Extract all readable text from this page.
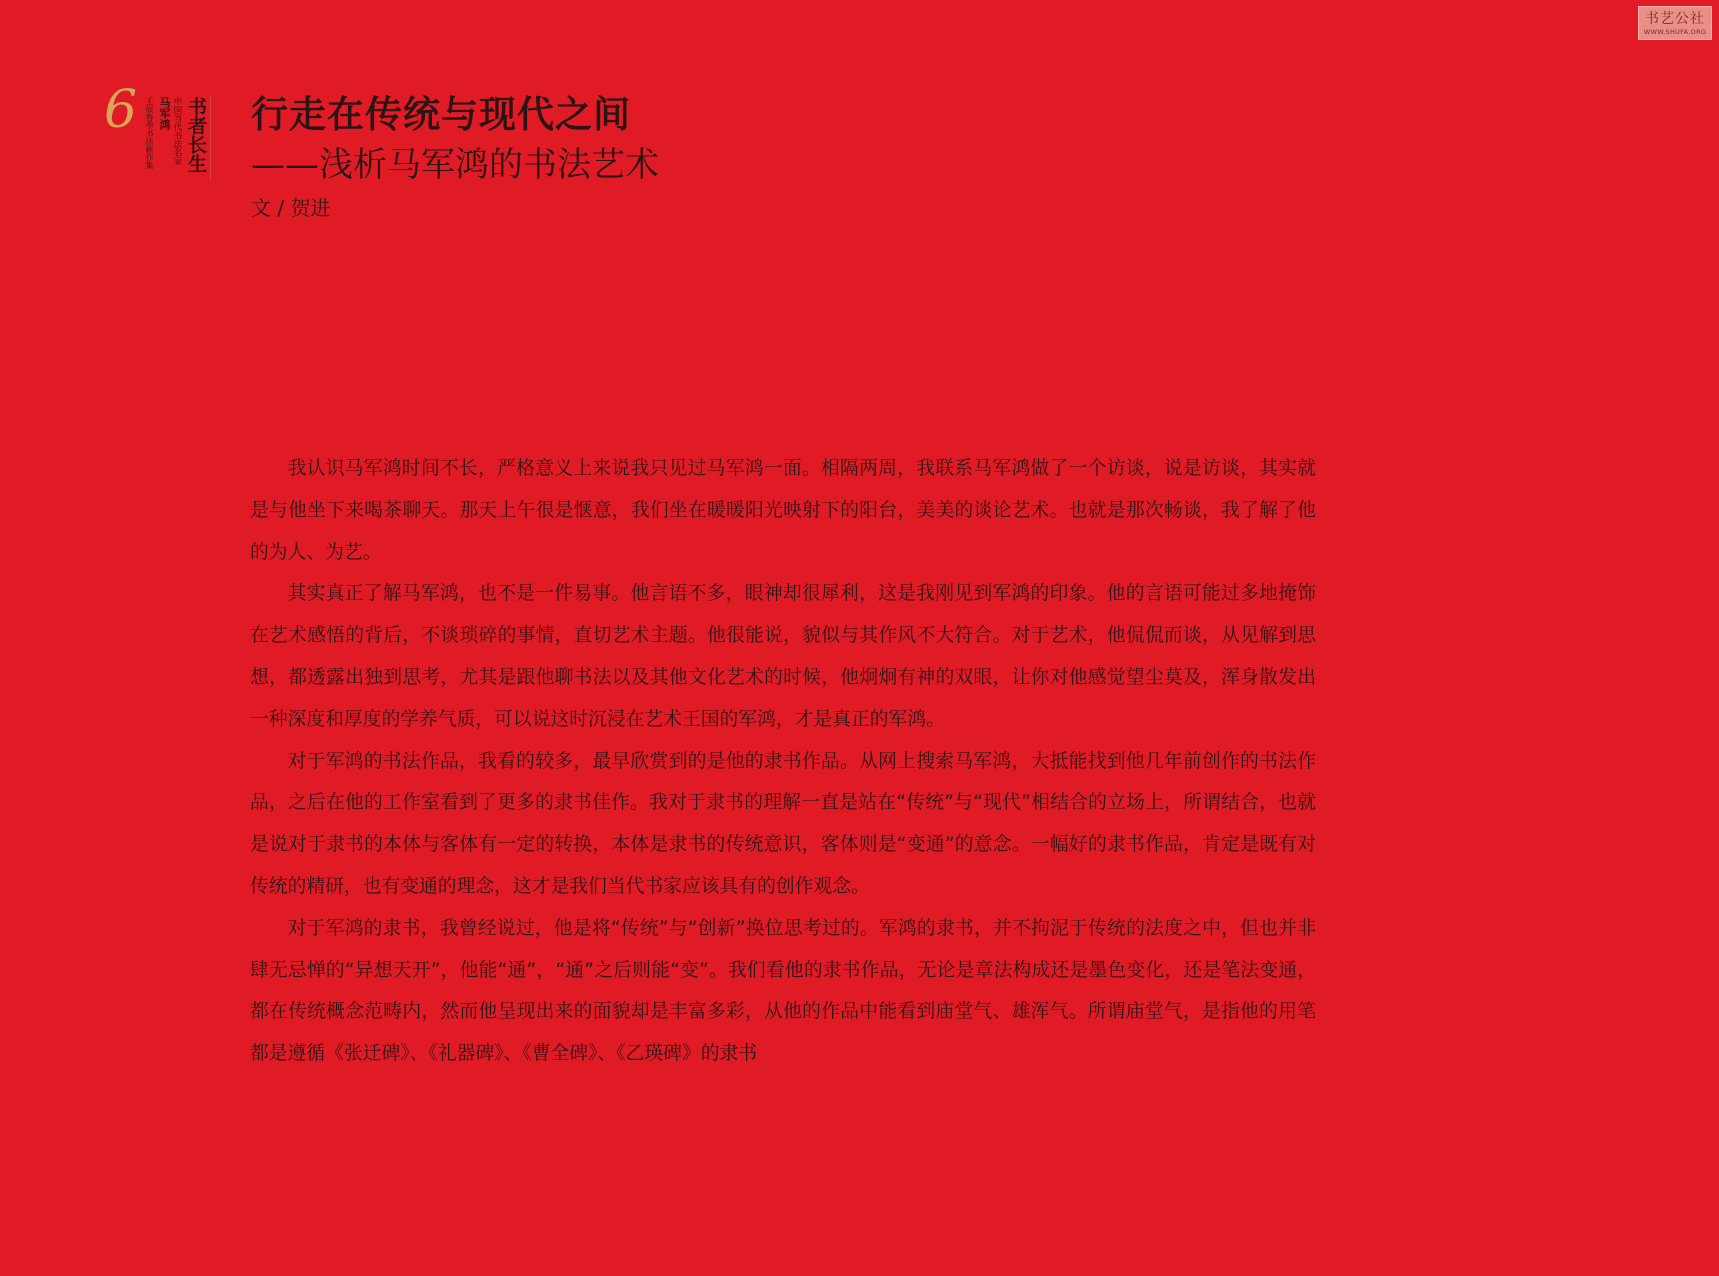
书艺公社
WWW.SHUFA.ORG
6	书者长生
中国当代书法名家
马军鸿
壬辰春季书法新作集	行走在传统与现代之间
——浅析马军鸿的书法艺术
文 / 贺进

我认识马军鸿时间不长，严格意义上来说我只见过马军鸿一面。相隔两周，我联系马军鸿做了一个访谈，说是访谈，其实就是与他坐下来喝茶聊天。那天上午很是惬意，我们坐在暖暖阳光映射下的阳台，美美的谈论艺术。也就是那次畅谈，我了解了他的为人、为艺。

其实真正了解马军鸿，也不是一件易事。他言语不多，眼神却很犀利，这是我刚见到军鸿的印象。他的言语可能过多地掩饰在艺术感悟的背后，不谈琐碎的事情，直切艺术主题。他很能说，貌似与其作风不大符合。对于艺术，他侃侃而谈，从见解到思想，都透露出独到思考，尤其是跟他聊书法以及其他文化艺术的时候，他炯炯有神的双眼，让你对他感觉望尘莫及，浑身散发出一种深度和厚度的学养气质，可以说这时沉浸在艺术王国的军鸿，才是真正的军鸿。

对于军鸿的书法作品，我看的较多，最早欣赏到的是他的隶书作品。从网上搜索马军鸿，大抵能找到他几年前创作的书法作品，之后在他的工作室看到了更多的隶书佳作。我对于隶书的理解一直是站在“传统”与“现代”相结合的立场上，所谓结合，也就是说对于隶书的本体与客体有一定的转换，本体是隶书的传统意识，客体则是“变通”的意念。一幅好的隶书作品，肯定是既有对传统的精研，也有变通的理念，这才是我们当代书家应该具有的创作观念。

对于军鸿的隶书，我曾经说过，他是将“传统”与“创新”换位思考过的。军鸿的隶书，并不拘泥于传统的法度之中，但也并非肆无忌惮的“异想天开”，他能“通”，“通”之后则能“变”。我们看他的隶书作品，无论是章法构成还是墨色变化，还是笔法变通，都在传统概念范畴内，然而他呈现出来的面貌却是丰富多彩，从他的作品中能看到庙堂气、雄浑气。所谓庙堂气，是指他的用笔都是遵循《张迁碑》、《礼器碑》、《曹全碑》、《乙瑛碑》的隶书
